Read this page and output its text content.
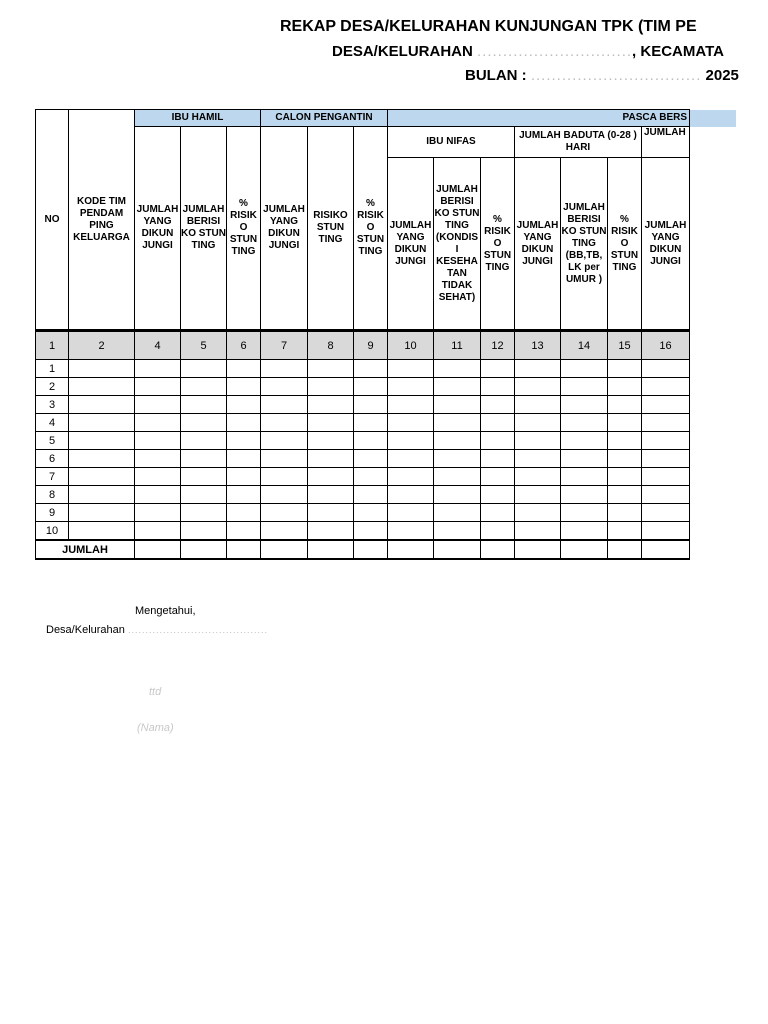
REKAP DESA/KELURAHAN KUNJUNGAN TPK (TIM PE
DESA/KELURAHAN .............................., KECAMATA
BULAN : ................................. 2025
NO	KODE TIM PENDAM PING KELUARGA	IBU HAMIL			CALON PENGANTIN			PASCA BERS						
		JUMLAH YANG DIKUN JUNGI	JUMLAH BERISI KO STUN TING	% RISIK O STUN TING	JUMLAH YANG DIKUN JUNGI	RISIKO STUN TING	% RISIK O STUN TING	IBU NIFAS			JUMLAH BADUTA (0-28 ) HARI			JUMLAH
								JUMLAH YANG DIKUN JUNGI	JUMLAH BERISI KO STUN TING (KONDIS I KESEHA TAN TIDAK SEHAT)	% RISIK O STUN TING	JUMLAH YANG DIKUN JUNGI	JUMLAH BERISI KO STUN TING (BB,TB, LK per UMUR )	% RISIK O STUN TING	JUMLAH YANG DIKUN JUNGI
1	2	4	5	6	7	8	9	10	11	12	13	14	15	16
1														
2														
3														
4														
5														
6														
7														
8														
9														
10														
JUMLAH														
Mengetahui,
Desa/Kelurahan ........................................
ttd
(Nama)
